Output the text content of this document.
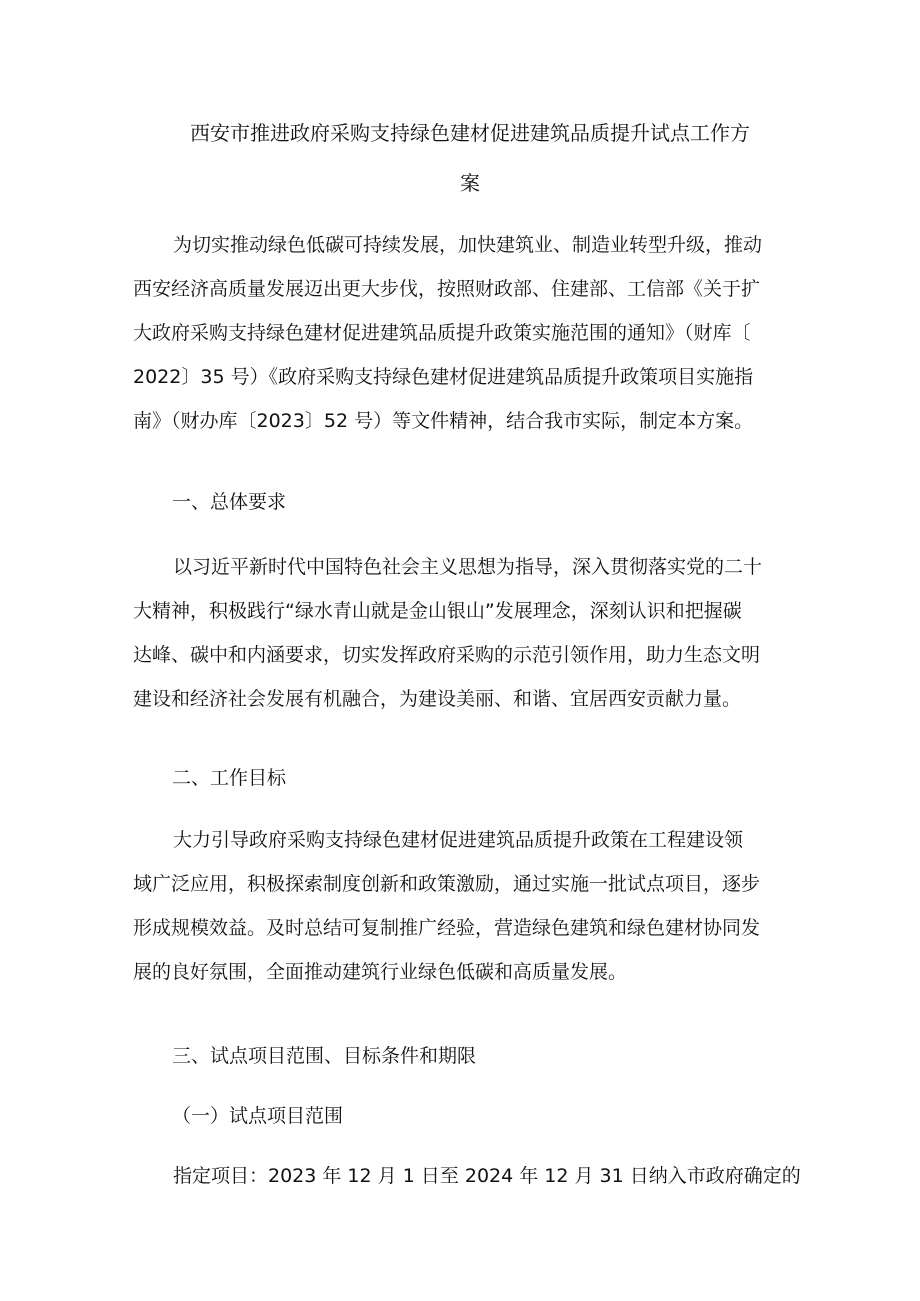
西安市推进政府采购支持绿色建材促进建筑品质提升试点工作方
案
为切实推动绿色低碳可持续发展，加快建筑业、制造业转型升级，推动
西安经济高质量发展迈出更大步伐，按照财政部、住建部、工信部《关于扩
大政府采购支持绿色建材促进建筑品质提升政策实施范围的通知》（财库〔
2022〕35 号）《政府采购支持绿色建材促进建筑品质提升政策项目实施指
南》（财办库〔2023〕52 号）等文件精神，结合我市实际，制定本方案。
一、总体要求
以习近平新时代中国特色社会主义思想为指导，深入贯彻落实党的二十
大精神，积极践行“绿水青山就是金山银山”发展理念，深刻认识和把握碳
达峰、碳中和内涵要求，切实发挥政府采购的示范引领作用，助力生态文明
建设和经济社会发展有机融合，为建设美丽、和谐、宜居西安贡献力量。
二、工作目标
大力引导政府采购支持绿色建材促进建筑品质提升政策在工程建设领
域广泛应用，积极探索制度创新和政策激励，通过实施一批试点项目，逐步
形成规模效益。及时总结可复制推广经验，营造绿色建筑和绿色建材协同发
展的良好氛围，全面推动建筑行业绿色低碳和高质量发展。
三、试点项目范围、目标条件和期限
（一）试点项目范围
指定项目：2023 年 12 月 1 日至 2024 年 12 月 31 日纳入市政府确定的
